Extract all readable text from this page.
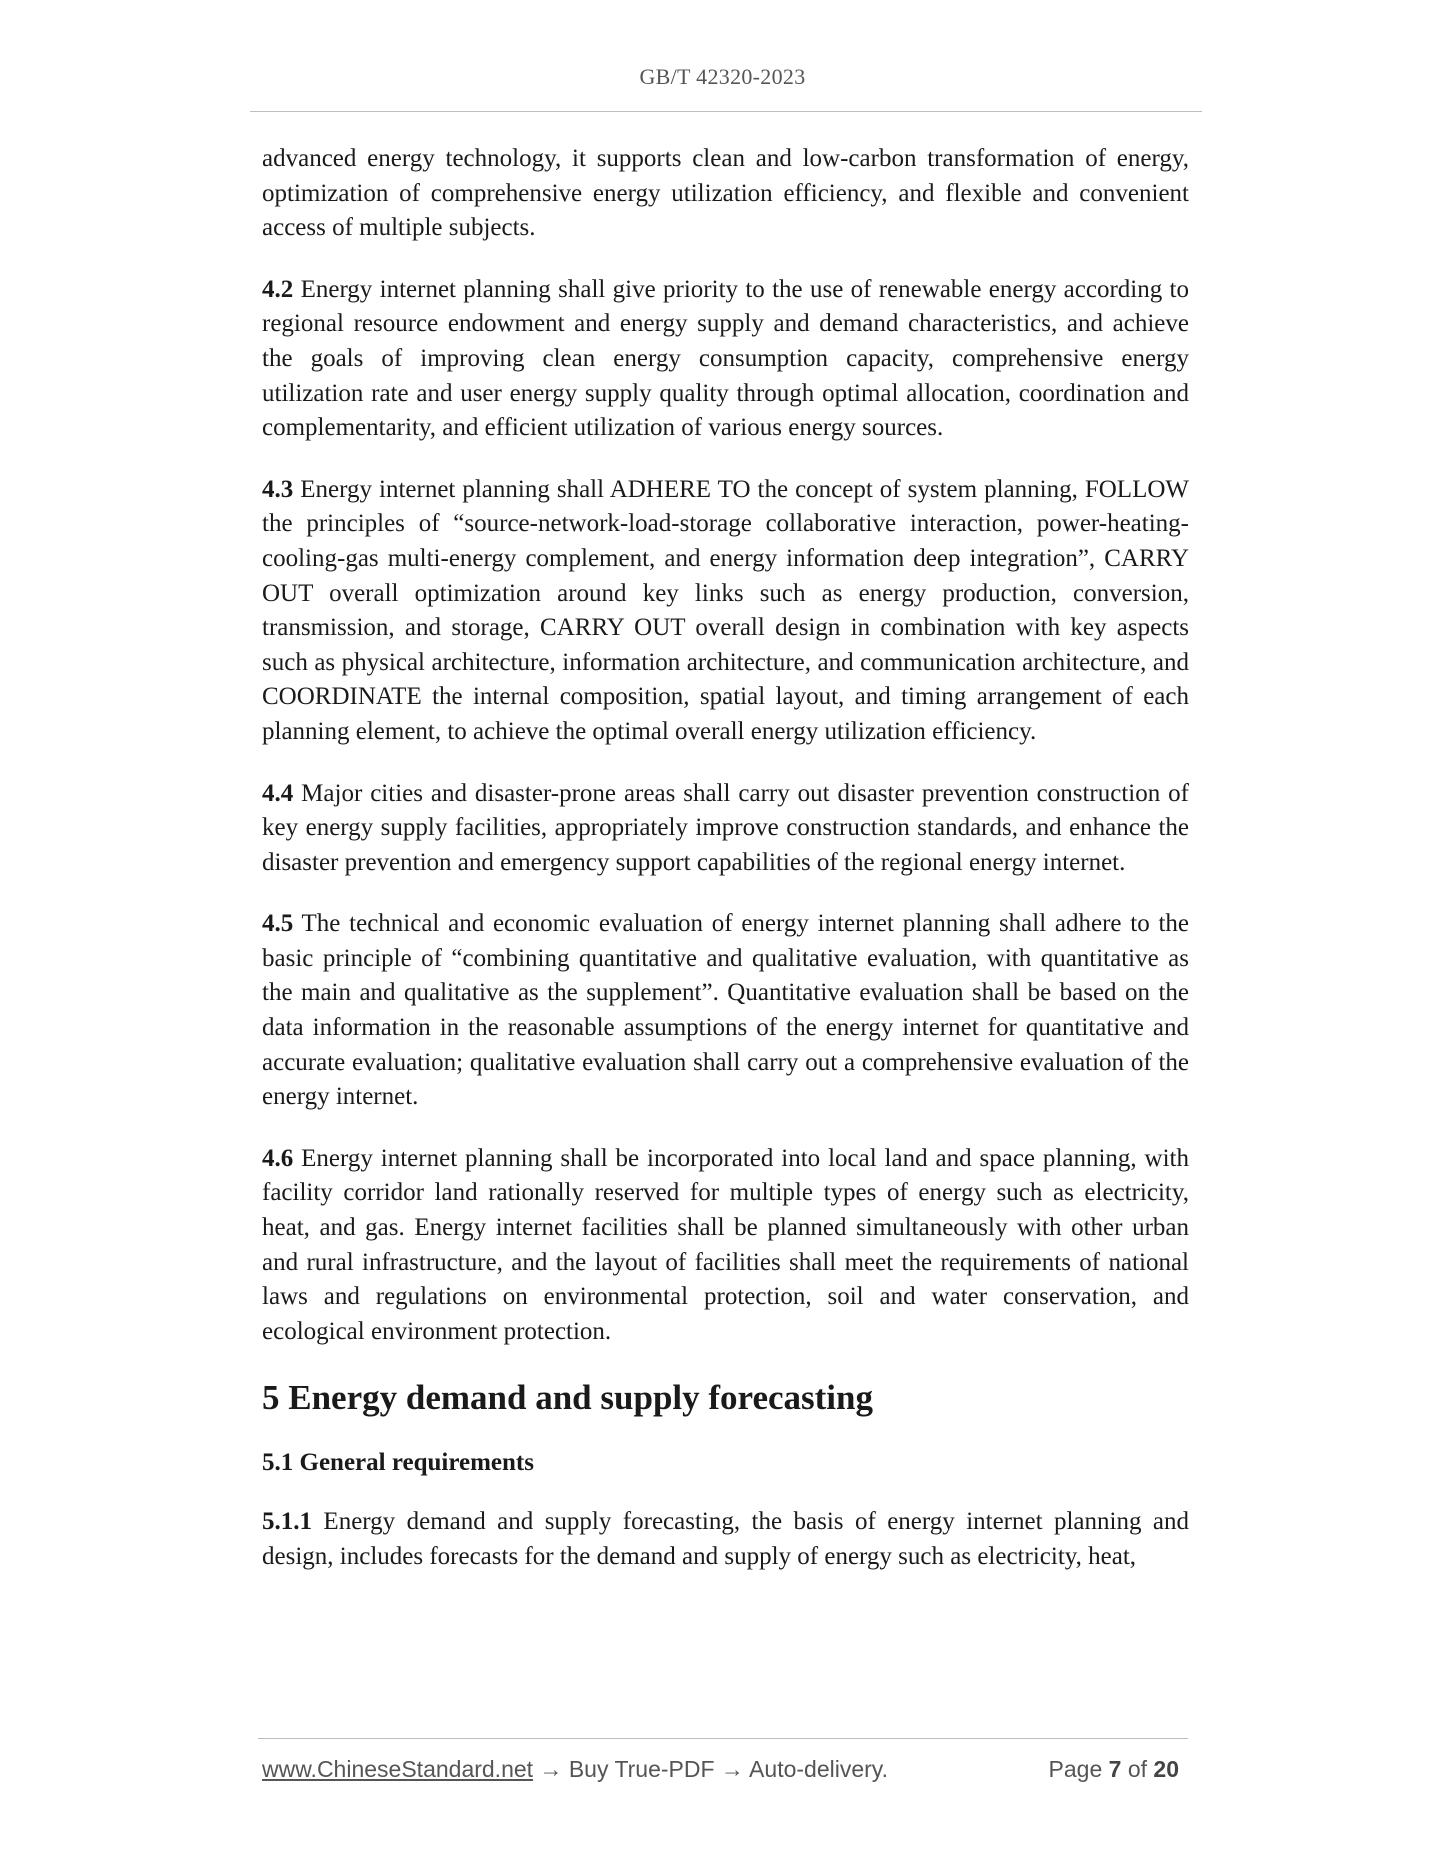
GB/T 42320-2023

advanced energy technology, it supports clean and low-carbon transformation of energy, optimization of comprehensive energy utilization efficiency, and flexible and convenient access of multiple subjects.

4.2 Energy internet planning shall give priority to the use of renewable energy according to regional resource endowment and energy supply and demand characteristics, and achieve the goals of improving clean energy consumption capacity, comprehensive energy utilization rate and user energy supply quality through optimal allocation, coordination and complementarity, and efficient utilization of various energy sources.

4.3 Energy internet planning shall ADHERE TO the concept of system planning, FOLLOW the principles of “source-network-load-storage collaborative interaction, power-heating-cooling-gas multi-energy complement, and energy information deep integration”, CARRY OUT overall optimization around key links such as energy production, conversion, transmission, and storage, CARRY OUT overall design in combination with key aspects such as physical architecture, information architecture, and communication architecture, and COORDINATE the internal composition, spatial layout, and timing arrangement of each planning element, to achieve the optimal overall energy utilization efficiency.

4.4 Major cities and disaster-prone areas shall carry out disaster prevention construction of key energy supply facilities, appropriately improve construction standards, and enhance the disaster prevention and emergency support capabilities of the regional energy internet.

4.5 The technical and economic evaluation of energy internet planning shall adhere to the basic principle of “combining quantitative and qualitative evaluation, with quantitative as the main and qualitative as the supplement”. Quantitative evaluation shall be based on the data information in the reasonable assumptions of the energy internet for quantitative and accurate evaluation; qualitative evaluation shall carry out a comprehensive evaluation of the energy internet.

4.6 Energy internet planning shall be incorporated into local land and space planning, with facility corridor land rationally reserved for multiple types of energy such as electricity, heat, and gas. Energy internet facilities shall be planned simultaneously with other urban and rural infrastructure, and the layout of facilities shall meet the requirements of national laws and regulations on environmental protection, soil and water conservation, and ecological environment protection.

5 Energy demand and supply forecasting
5.1 General requirements

5.1.1 Energy demand and supply forecasting, the basis of energy internet planning and design, includes forecasts for the demand and supply of energy such as electricity, heat,

www.ChineseStandard.net → Buy True-PDF → Auto-delivery.	Page 7 of 20
